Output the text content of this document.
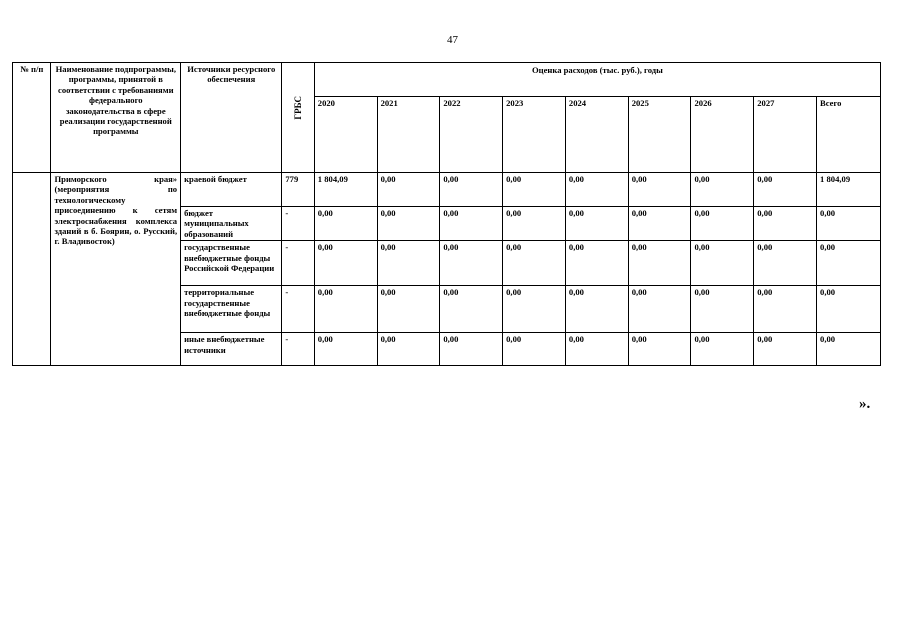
47
№ п/п	Наименование подпрограммы, программы, принятой в соответствии с требованиями федерального законодательства в сфере реализации государственной программы	Источники ресурсного обеспечения	ГРБС	Оценка расходов (тыс. руб.), годы								
				2020	2021	2022	2023	2024	2025	2026	2027	Всего
	Приморского края» (мероприятия по технологическому присоединению к сетям электроснабжения комплекса зданий в б. Боярин, о. Русский, г. Владивосток)	краевой бюджет	779	1 804,09	0,00	0,00	0,00	0,00	0,00	0,00	0,00	1 804,09
		бюджет муниципальных образований	-	0,00	0,00	0,00	0,00	0,00	0,00	0,00	0,00	0,00
		государственные внебюджетные фонды Российской Федерации	-	0,00	0,00	0,00	0,00	0,00	0,00	0,00	0,00	0,00
		территориальные государственные внебюджетные фонды	-	0,00	0,00	0,00	0,00	0,00	0,00	0,00	0,00	0,00
		иные внебюджетные источники	-	0,00	0,00	0,00	0,00	0,00	0,00	0,00	0,00	0,00
».
